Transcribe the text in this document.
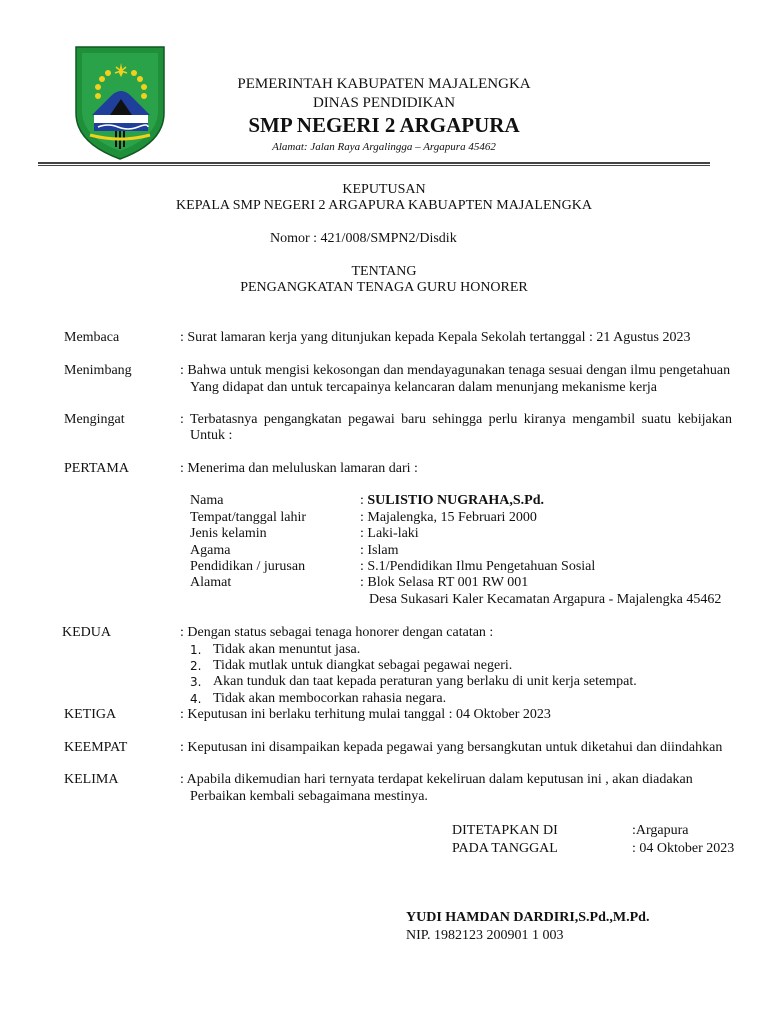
PEMERINTAH KABUPATEN MAJALENGKA
DINAS PENDIDIKAN
SMP NEGERI 2 ARGAPURA
Alamat: Jalan Raya Argalingga – Argapura 45462
KEPUTUSAN
KEPALA SMP NEGERI 2 ARGAPURA KABUAPTEN MAJALENGKA
Nomor : 421/008/SMPN2/Disdik
TENTANG
PENGANGKATAN TENAGA GURU HONORER
Membaca	: Surat lamaran kerja yang ditunjukan kepada Kepala Sekolah tertanggal : 21 Agustus 2023
Menimbang	: Bahwa untuk mengisi kekosongan dan mendayagunakan tenaga sesuai dengan ilmu pengetahuan
Yang didapat dan untuk tercapainya kelancaran dalam menunjang mekanisme kerja
Mengingat	: Terbatasnya pengangkatan pegawai baru sehingga perlu kiranya mengambil suatu kebijakan
Untuk :
PERTAMA	: Menerima dan meluluskan lamaran dari :
Nama	: SULISTIO NUGRAHA,S.Pd.
Tempat/tanggal lahir	: Majalengka, 15 Februari 2000
Jenis kelamin	: Laki-laki
Agama	: Islam
Pendidikan / jurusan	: S.1/Pendidikan Ilmu Pengetahuan Sosial
Alamat	: Blok Selasa RT 001 RW 001
Desa Sukasari Kaler Kecamatan Argapura - Majalengka 45462
KEDUA	: Dengan status sebagai tenaga honorer dengan catatan :
1. Tidak akan menuntut jasa.
2. Tidak mutlak untuk diangkat sebagai pegawai negeri.
3. Akan tunduk dan taat kepada peraturan yang berlaku di unit kerja setempat.
4. Tidak akan membocorkan rahasia negara.
KETIGA	: Keputusan ini berlaku terhitung mulai tanggal : 04 Oktober 2023
KEEMPAT	: Keputusan ini disampaikan kepada pegawai yang bersangkutan untuk diketahui dan diindahkan
KELIMA	: Apabila dikemudian hari ternyata terdapat kekeliruan dalam keputusan ini , akan diadakan
Perbaikan kembali sebagaimana mestinya.
DITETAPKAN DI	:Argapura
PADA TANGGAL	: 04 Oktober 2023
YUDI HAMDAN DARDIRI,S.Pd.,M.Pd.
NIP. 1982123 200901 1 003
